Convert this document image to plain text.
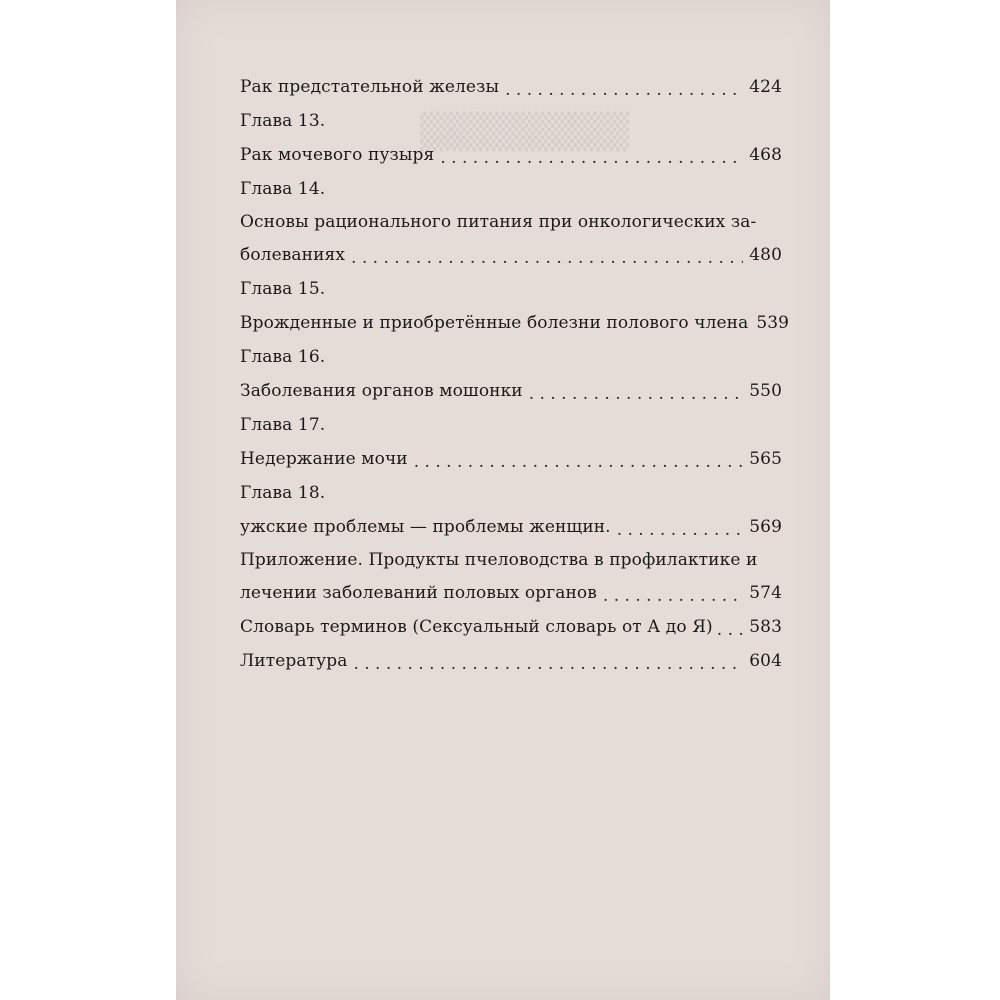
Рак предстательной железы . . .	424
Глава 13.
Рак мочевого пузыря . . .	468
Глава 14.
Основы рационального питания при онкологических за-
болеваниях . . .	480
Глава 15.
Врожденные и приобретённые болезни полового члена 539
Глава 16.
Заболевания органов мошонки . . .	550
Глава 17.
Недержание мочи . . .	565
Глава 18.
ужские проблемы — проблемы женщин. . . .	569
Приложение. Продукты пчеловодства в профилактике и
лечении заболеваний половых органов . . .	574
Словарь терминов (Сексуальный словарь от А до Я) . . . 583
Литература . . .	604
